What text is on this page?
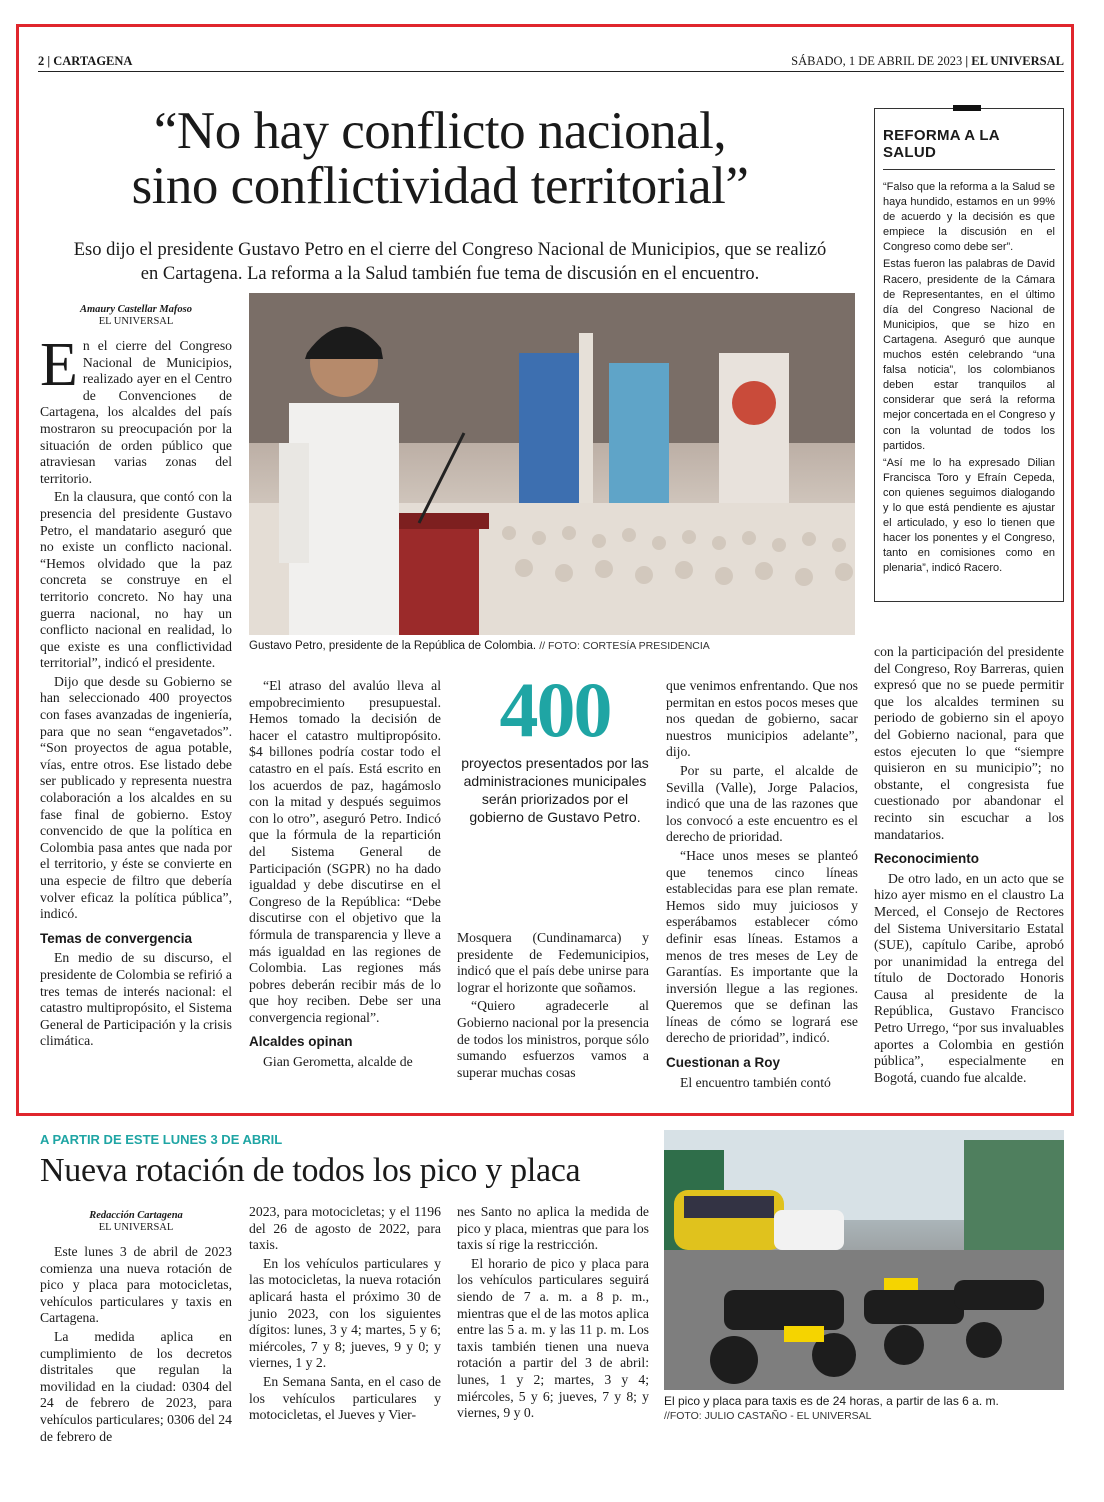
2 | CARTAGENA	SÁBADO, 1 DE ABRIL DE 2023 | EL UNIVERSAL
“No hay conflicto nacional,
sino conflictividad territorial”
Eso dijo el presidente Gustavo Petro en el cierre del Congreso Nacional de Municipios, que se realizó
en Cartagena. La reforma a la Salud también fue tema de discusión en el encuentro.
Amaury Castellar Mafoso
EL UNIVERSAL

En el cierre del Congreso Nacional de Municipios, realizado ayer en el Centro de Convenciones de Cartagena, los alcaldes del país mostraron su preocupación por la situación de orden público que atraviesan varias zonas del territorio.

En la clausura, que contó con la presencia del presidente Gustavo Petro, el mandatario aseguró que no existe un conflicto nacional. “Hemos olvidado que la paz concreta se construye en el territorio concreto. No hay una guerra nacional, no hay un conflicto nacional en realidad, lo que existe es una conflictividad territorial”, indicó el presidente.

Dijo que desde su Gobierno se han seleccionado 400 proyectos con fases avanzadas de ingeniería, para que no sean “engavetados”. “Son proyectos de agua potable, vías, entre otros. Ese listado debe ser publicado y representa nuestra colaboración a los alcaldes en su fase final de gobierno. Estoy convencido de que la política en Colombia pasa antes que nada por el territorio, y éste se convierte en una especie de filtro que debería volver eficaz la política pública”, indicó.

Temas de convergencia

En medio de su discurso, el presidente de Colombia se refirió a tres temas de interés nacional: el catastro multipropósito, el Sistema General de Participación y la crisis climática.

Gustavo Petro, presidente de la República de Colombia. // FOTO: CORTESÍA PRESIDENCIA

“El atraso del avalúo lleva al empobrecimiento presupuestal. Hemos tomado la decisión de hacer el catastro multipropósito. $4 billones podría costar todo el catastro en el país. Está escrito en los acuerdos de paz, hagámoslo con la mitad y después seguimos con lo otro”, aseguró Petro. Indicó que la fórmula de la repartición del Sistema General de Participación (SGPR) no ha dado igualdad y debe discutirse en el Congreso de la República: “Debe discutirse con el objetivo que la fórmula de transparencia y lleve a más igualdad en las regiones de Colombia. Las regiones más pobres deberán recibir más de lo que hoy reciben. Debe ser una convergencia regional”.

Alcaldes opinan

Gian Gerometta, alcalde de

400
proyectos presentados por las administraciones municipales serán priorizados por el gobierno de Gustavo Petro.

Mosquera (Cundinamarca) y presidente de Fedemunicipios, indicó que el país debe unirse para lograr el horizonte que soñamos.

“Quiero agradecerle al Gobierno nacional por la presencia de todos los ministros, porque sólo sumando esfuerzos vamos a superar muchas cosas

que venimos enfrentando. Que nos permitan en estos pocos meses que nos quedan de gobierno, sacar nuestros municipios adelante”, dijo.

Por su parte, el alcalde de Sevilla (Valle), Jorge Palacios, indicó que una de las razones que los convocó a este encuentro es el derecho de prioridad.

“Hace unos meses se planteó que tenemos cinco líneas establecidas para ese plan remate. Hemos sido muy juiciosos y esperábamos establecer cómo definir esas líneas. Estamos a menos de tres meses de Ley de Garantías. Es importante que la inversión llegue a las regiones. Queremos que se definan las líneas de cómo se logrará ese derecho de prioridad”, indicó.

Cuestionan a Roy

El encuentro también contó

con la participación del presidente del Congreso, Roy Barreras, quien expresó que no se puede permitir que los alcaldes terminen su periodo de gobierno sin el apoyo del Gobierno nacional, para que estos ejecuten lo que “siempre quisieron en su municipio”; no obstante, el congresista fue cuestionado por abandonar el recinto sin escuchar a los mandatarios.

Reconocimiento

De otro lado, en un acto que se hizo ayer mismo en el claustro La Merced, el Consejo de Rectores del Sistema Universitario Estatal (SUE), capítulo Caribe, aprobó por unanimidad la entrega del título de Doctorado Honoris Causa al presidente de la República, Gustavo Francisco Petro Urrego, “por sus invaluables aportes a Colombia en gestión pública”, especialmente en Bogotá, cuando fue alcalde.

REFORMA A LA SALUD

“Falso que la reforma a la Salud se haya hundido, estamos en un 99% de acuerdo y la decisión es que empiece la discusión en el Congreso como debe ser”.

Estas fueron las palabras de David Racero, presidente de la Cámara de Representantes, en el último día del Congreso Nacional de Municipios, que se hizo en Cartagena. Aseguró que aunque muchos estén celebrando “una falsa noticia”, los colombianos deben estar tranquilos al considerar que será la reforma mejor concertada en el Congreso y con la voluntad de todos los partidos.

“Así me lo ha expresado Dilian Francisca Toro y Efraín Cepeda, con quienes seguimos dialogando y lo que está pendiente es ajustar el articulado, y eso lo tienen que hacer los ponentes y el Congreso, tanto en comisiones como en plenaria”, indicó Racero.

A PARTIR DE ESTE LUNES 3 DE ABRIL
Nueva rotación de todos los pico y placa
Redacción Cartagena
EL UNIVERSAL

Este lunes 3 de abril de 2023 comienza una nueva rotación de pico y placa para motocicletas, vehículos particulares y taxis en Cartagena.

La medida aplica en cumplimiento de los decretos distritales que regulan la movilidad en la ciudad: 0304 del 24 de febrero de 2023, para vehículos particulares; 0306 del 24 de febrero de

2023, para motocicletas; y el 1196 del 26 de agosto de 2022, para taxis.

En los vehículos particulares y las motocicletas, la nueva rotación aplicará hasta el próximo 30 de junio 2023, con los siguientes dígitos: lunes, 3 y 4; martes, 5 y 6; miércoles, 7 y 8; jueves, 9 y 0; y viernes, 1 y 2.

En Semana Santa, en el caso de los vehículos particulares y motocicletas, el Jueves y Vier-

nes Santo no aplica la medida de pico y placa, mientras que para los taxis sí rige la restricción.

El horario de pico y placa para los vehículos particulares seguirá siendo de 7 a. m. a 8 p. m., mientras que el de las motos aplica entre las 5 a. m. y las 11 p. m. Los taxis también tienen una nueva rotación a partir del 3 de abril: lunes, 1 y 2; martes, 3 y 4; miércoles, 5 y 6; jueves, 7 y 8; y viernes, 9 y 0.

El pico y placa para taxis es de 24 horas, a partir de las 6 a. m.
//FOTO: JULIO CASTAÑO - EL UNIVERSAL
